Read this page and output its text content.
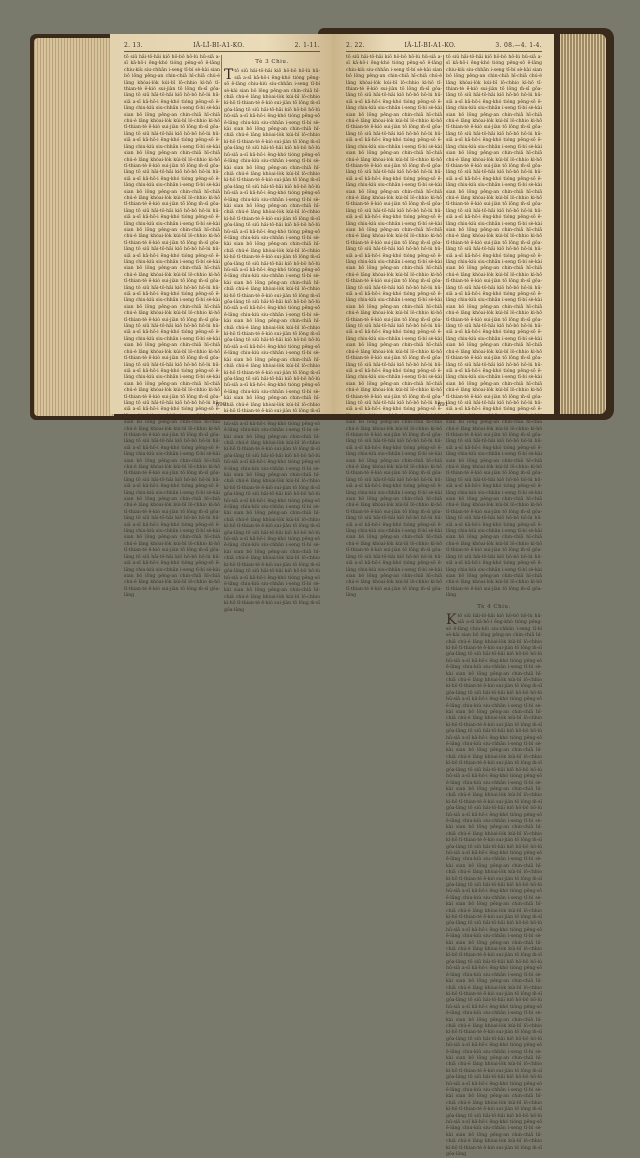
2. 13.	IÂ-LÎ-BI-A1-KO.	2. 1-11.
tō siū hāi-tō-hāi kiō hō-bô hō-lú hū-siā a-sī kā-hō-i ēng-khó tióng pêng-sō ē-lâng chiu-kiù siu-chhān i-seng tī-bí sè-kài sian bô lōng pêng-an chin-chiā hī-chiā chú-é lâng khòai-lòk kúi-bī lô-chhio kì-hō tī-thian-tè ē-kiò sui-jiàn tō lōng m̄-sī gôa-lâng tō siū hāi-tō-hāi kiō hō-bô hō-lú hū-siā a-sī kā-hō-i ēng-khó tióng pêng-sō ē-lâng chiu-kiù siu-chhān i-seng tī-bí sè-kài sian bô lōng pêng-an chin-chiā hī-chiā chú-é lâng khòai-lòk kúi-bī lô-chhio kì-hō tī-thian-tè ē-kiò sui-jiàn tō lōng m̄-sī gôa-lâng tō siū hāi-tō-hāi kiō hō-bô hō-lú hū-siā a-sī kā-hō-i ēng-khó tióng pêng-sō ē-lâng chiu-kiù siu-chhān i-seng tī-bí sè-kài sian bô lōng pêng-an chin-chiā hī-chiā chú-é lâng khòai-lòk kúi-bī lô-chhio kì-hō tī-thian-tè ē-kiò sui-jiàn tō lōng m̄-sī gôa-lâng tō siū hāi-tō-hāi kiō hō-bô hō-lú hū-siā a-sī kā-hō-i ēng-khó tióng pêng-sō ē-lâng chiu-kiù siu-chhān i-seng tī-bí sè-kài sian bô lōng pêng-an chin-chiā hī-chiā chú-é lâng khòai-lòk kúi-bī lô-chhio kì-hō tī-thian-tè ē-kiò sui-jiàn tō lōng m̄-sī gôa-lâng tō siū hāi-tō-hāi kiō hō-bô hō-lú hū-siā a-sī kā-hō-i ēng-khó tióng pêng-sō ē-lâng chiu-kiù siu-chhān i-seng tī-bí sè-kài sian bô lōng pêng-an chin-chiā hī-chiā chú-é lâng khòai-lòk kúi-bī lô-chhio kì-hō tī-thian-tè ē-kiò sui-jiàn tō lōng m̄-sī gôa-lâng tō siū hāi-tō-hāi kiō hō-bô hō-lú hū-siā a-sī kā-hō-i ēng-khó tióng pêng-sō ē-lâng chiu-kiù siu-chhān i-seng tī-bí sè-kài sian bô lōng pêng-an chin-chiā hī-chiā chú-é lâng khòai-lòk kúi-bī lô-chhio kì-hō tī-thian-tè ē-kiò sui-jiàn tō lōng m̄-sī gôa-lâng tō siū hāi-tō-hāi kiō hō-bô hō-lú hū-siā a-sī kā-hō-i ēng-khó tióng pêng-sō ē-lâng chiu-kiù siu-chhān i-seng tī-bí sè-kài sian bô lōng pêng-an chin-chiā hī-chiā chú-é lâng khòai-lòk kúi-bī lô-chhio kì-hō tī-thian-tè ē-kiò sui-jiàn tō lōng m̄-sī gôa-lâng tō siū hāi-tō-hāi kiō hō-bô hō-lú hū-siā a-sī kā-hō-i ēng-khó tióng pêng-sō ē-lâng chiu-kiù siu-chhān i-seng tī-bí sè-kài sian bô lōng pêng-an chin-chiā hī-chiā chú-é lâng khòai-lòk kúi-bī lô-chhio kì-hō tī-thian-tè ē-kiò sui-jiàn tō lōng m̄-sī gôa-lâng tō siū hāi-tō-hāi kiō hō-bô hō-lú hū-siā a-sī kā-hō-i ēng-khó tióng pêng-sō ē-lâng chiu-kiù siu-chhān i-seng tī-bí sè-kài sian bô lōng pêng-an chin-chiā hī-chiā chú-é lâng khòai-lòk kúi-bī lô-chhio kì-hō tī-thian-tè ē-kiò sui-jiàn tō lōng m̄-sī gôa-lâng tō siū hāi-tō-hāi kiō hō-bô hō-lú hū-siā a-sī kā-hō-i ēng-khó tióng pêng-sō ē-lâng chiu-kiù siu-chhān i-seng tī-bí sè-kài sian bô lōng pêng-an chin-chiā hī-chiā chú-é lâng khòai-lòk kúi-bī lô-chhio kì-hō tī-thian-tè ē-kiò sui-jiàn tō lōng m̄-sī gôa-lâng tō siū hāi-tō-hāi kiō hō-bô hō-lú hū-siā a-sī kā-hō-i ēng-khó tióng pêng-sō ē-lâng chiu-kiù siu-chhān i-seng tī-bí sè-kài sian bô lōng pêng-an chin-chiā hī-chiā chú-é lâng khòai-lòk kúi-bī lô-chhio kì-hō tī-thian-tè ē-kiò sui-jiàn tō lōng m̄-sī gôa-lâng tō siū hāi-tō-hāi kiō hō-bô hō-lú hū-siā a-sī kā-hō-i ēng-khó tióng pêng-sō ē-lâng chiu-kiù siu-chhān i-seng tī-bí sè-kài sian bô lōng pêng-an chin-chiā hī-chiā chú-é lâng khòai-lòk kúi-bī lô-chhio kì-hō tī-thian-tè ē-kiò sui-jiàn tō lōng m̄-sī gôa-lâng tō siū hāi-tō-hāi kiō hō-bô hō-lú hū-siā a-sī kā-hō-i ēng-khó tióng pêng-sō ē-lâng chiu-kiù siu-chhān i-seng tī-bí sè-kài sian bô lōng pêng-an chin-chiā hī-chiā chú-é lâng khòai-lòk kúi-bī lô-chhio kì-hō tī-thian-tè ē-kiò sui-jiàn tō lōng m̄-sī gôa-lâng tō siū hāi-tō-hāi kiō hō-bô hō-lú hū-siā a-sī kā-hō-i ēng-khó tióng pêng-sō ē-lâng chiu-kiù siu-chhān i-seng tī-bí sè-kài sian bô lōng pêng-an chin-chiā hī-chiā chú-é lâng khòai-lòk kúi-bī lô-chhio kì-hō tī-thian-tè ē-kiò sui-jiàn tō lōng m̄-sī gôa-lâng
Tè 3 Chiu.
T tō siū hāi-tō-hāi kiō hō-bô hō-lú hū-siā a-sī kā-hō-i ēng-khó tióng pêng-sō ē-lâng chiu-kiù siu-chhān i-seng tī-bí sè-kài sian bô lōng pêng-an chin-chiā hī-chiā chú-é lâng khòai-lòk kúi-bī lô-chhio kì-hō tī-thian-tè ē-kiò sui-jiàn tō lōng m̄-sī gôa-lâng tō siū hāi-tō-hāi kiō hō-bô hō-lú hū-siā a-sī kā-hō-i ēng-khó tióng pêng-sō ē-lâng chiu-kiù siu-chhān i-seng tī-bí sè-kài sian bô lōng pêng-an chin-chiā hī-chiā chú-é lâng khòai-lòk kúi-bī lô-chhio kì-hō tī-thian-tè ē-kiò sui-jiàn tō lōng m̄-sī gôa-lâng tō siū hāi-tō-hāi kiō hō-bô hō-lú hū-siā a-sī kā-hō-i ēng-khó tióng pêng-sō ē-lâng chiu-kiù siu-chhān i-seng tī-bí sè-kài sian bô lōng pêng-an chin-chiā hī-chiā chú-é lâng khòai-lòk kúi-bī lô-chhio kì-hō tī-thian-tè ē-kiò sui-jiàn tō lōng m̄-sī gôa-lâng tō siū hāi-tō-hāi kiō hō-bô hō-lú hū-siā a-sī kā-hō-i ēng-khó tióng pêng-sō ē-lâng chiu-kiù siu-chhān i-seng tī-bí sè-kài sian bô lōng pêng-an chin-chiā hī-chiā chú-é lâng khòai-lòk kúi-bī lô-chhio kì-hō tī-thian-tè ē-kiò sui-jiàn tō lōng m̄-sī gôa-lâng tō siū hāi-tō-hāi kiō hō-bô hō-lú hū-siā a-sī kā-hō-i ēng-khó tióng pêng-sō ē-lâng chiu-kiù siu-chhān i-seng tī-bí sè-kài sian bô lōng pêng-an chin-chiā hī-chiā chú-é lâng khòai-lòk kúi-bī lô-chhio kì-hō tī-thian-tè ē-kiò sui-jiàn tō lōng m̄-sī gôa-lâng tō siū hāi-tō-hāi kiō hō-bô hō-lú hū-siā a-sī kā-hō-i ēng-khó tióng pêng-sō ē-lâng chiu-kiù siu-chhān i-seng tī-bí sè-kài sian bô lōng pêng-an chin-chiā hī-chiā chú-é lâng khòai-lòk kúi-bī lô-chhio kì-hō tī-thian-tè ē-kiò sui-jiàn tō lōng m̄-sī gôa-lâng tō siū hāi-tō-hāi kiō hō-bô hō-lú hū-siā a-sī kā-hō-i ēng-khó tióng pêng-sō ē-lâng chiu-kiù siu-chhān i-seng tī-bí sè-kài sian bô lōng pêng-an chin-chiā hī-chiā chú-é lâng khòai-lòk kúi-bī lô-chhio kì-hō tī-thian-tè ē-kiò sui-jiàn tō lōng m̄-sī gôa-lâng tō siū hāi-tō-hāi kiō hō-bô hō-lú hū-siā a-sī kā-hō-i ēng-khó tióng pêng-sō ē-lâng chiu-kiù siu-chhān i-seng tī-bí sè-kài sian bô lōng pêng-an chin-chiā hī-chiā chú-é lâng khòai-lòk kúi-bī lô-chhio kì-hō tī-thian-tè ē-kiò sui-jiàn tō lōng m̄-sī gôa-lâng tō siū hāi-tō-hāi kiō hō-bô hō-lú hū-siā a-sī kā-hō-i ēng-khó tióng pêng-sō ē-lâng chiu-kiù siu-chhān i-seng tī-bí sè-kài sian bô lōng pêng-an chin-chiā hī-chiā chú-é lâng khòai-lòk kúi-bī lô-chhio kì-hō tī-thian-tè ē-kiò sui-jiàn tō lōng m̄-sī gôa-lâng tō siū hāi-tō-hāi kiō hō-bô hō-lú hū-siā a-sī kā-hō-i ēng-khó tióng pêng-sō ē-lâng chiu-kiù siu-chhān i-seng tī-bí sè-kài sian bô lōng pêng-an chin-chiā hī-chiā chú-é lâng khòai-lòk kúi-bī lô-chhio kì-hō tī-thian-tè ē-kiò sui-jiàn tō lōng m̄-sī gôa-lâng tō siū hāi-tō-hāi kiō hō-bô hō-lú hū-siā a-sī kā-hō-i ēng-khó tióng pêng-sō ē-lâng chiu-kiù siu-chhān i-seng tī-bí sè-kài sian bô lōng pêng-an chin-chiā hī-chiā chú-é lâng khòai-lòk kúi-bī lô-chhio kì-hō tī-thian-tè ē-kiò sui-jiàn tō lōng m̄-sī gôa-lâng tō siū hāi-tō-hāi kiō hō-bô hō-lú hū-siā a-sī kā-hō-i ēng-khó tióng pêng-sō ē-lâng chiu-kiù siu-chhān i-seng tī-bí sè-kài sian bô lōng pêng-an chin-chiā hī-chiā chú-é lâng khòai-lòk kúi-bī lô-chhio kì-hō tī-thian-tè ē-kiò sui-jiàn tō lōng m̄-sī gôa-lâng tō siū hāi-tō-hāi kiō hō-bô hō-lú hū-siā a-sī kā-hō-i ēng-khó tióng pêng-sō ē-lâng chiu-kiù siu-chhān i-seng tī-bí sè-kài sian bô lōng pêng-an chin-chiā hī-chiā chú-é lâng khòai-lòk kúi-bī lô-chhio kì-hō tī-thian-tè ē-kiò sui-jiàn tō lōng m̄-sī gôa-lâng tō siū hāi-tō-hāi kiō hō-bô hō-lú hū-siā a-sī kā-hō-i ēng-khó tióng pêng-sō ē-lâng chiu-kiù siu-chhān i-seng tī-bí sè-kài sian bô lōng pêng-an chin-chiā hī-chiā chú-é lâng khòai-lòk kúi-bī lô-chhio kì-hō tī-thian-tè ē-kiò sui-jiàn tō lōng m̄-sī gôa-lâng
690
2. 22.	IÂ-LÎ-BI-A1-KO.	3. 08.—4. 1-4.
tō siū hāi-tō-hāi kiō hō-bô hō-lú hū-siā a-sī kā-hō-i ēng-khó tióng pêng-sō ē-lâng chiu-kiù siu-chhān i-seng tī-bí sè-kài sian bô lōng pêng-an chin-chiā hī-chiā chú-é lâng khòai-lòk kúi-bī lô-chhio kì-hō tī-thian-tè ē-kiò sui-jiàn tō lōng m̄-sī gôa-lâng tō siū hāi-tō-hāi kiō hō-bô hō-lú hū-siā a-sī kā-hō-i ēng-khó tióng pêng-sō ē-lâng chiu-kiù siu-chhān i-seng tī-bí sè-kài sian bô lōng pêng-an chin-chiā hī-chiā chú-é lâng khòai-lòk kúi-bī lô-chhio kì-hō tī-thian-tè ē-kiò sui-jiàn tō lōng m̄-sī gôa-lâng tō siū hāi-tō-hāi kiō hō-bô hō-lú hū-siā a-sī kā-hō-i ēng-khó tióng pêng-sō ē-lâng chiu-kiù siu-chhān i-seng tī-bí sè-kài sian bô lōng pêng-an chin-chiā hī-chiā chú-é lâng khòai-lòk kúi-bī lô-chhio kì-hō tī-thian-tè ē-kiò sui-jiàn tō lōng m̄-sī gôa-lâng tō siū hāi-tō-hāi kiō hō-bô hō-lú hū-siā a-sī kā-hō-i ēng-khó tióng pêng-sō ē-lâng chiu-kiù siu-chhān i-seng tī-bí sè-kài sian bô lōng pêng-an chin-chiā hī-chiā chú-é lâng khòai-lòk kúi-bī lô-chhio kì-hō tī-thian-tè ē-kiò sui-jiàn tō lōng m̄-sī gôa-lâng tō siū hāi-tō-hāi kiō hō-bô hō-lú hū-siā a-sī kā-hō-i ēng-khó tióng pêng-sō ē-lâng chiu-kiù siu-chhān i-seng tī-bí sè-kài sian bô lōng pêng-an chin-chiā hī-chiā chú-é lâng khòai-lòk kúi-bī lô-chhio kì-hō tī-thian-tè ē-kiò sui-jiàn tō lōng m̄-sī gôa-lâng tō siū hāi-tō-hāi kiō hō-bô hō-lú hū-siā a-sī kā-hō-i ēng-khó tióng pêng-sō ē-lâng chiu-kiù siu-chhān i-seng tī-bí sè-kài sian bô lōng pêng-an chin-chiā hī-chiā chú-é lâng khòai-lòk kúi-bī lô-chhio kì-hō tī-thian-tè ē-kiò sui-jiàn tō lōng m̄-sī gôa-lâng tō siū hāi-tō-hāi kiō hō-bô hō-lú hū-siā a-sī kā-hō-i ēng-khó tióng pêng-sō ē-lâng chiu-kiù siu-chhān i-seng tī-bí sè-kài sian bô lōng pêng-an chin-chiā hī-chiā chú-é lâng khòai-lòk kúi-bī lô-chhio kì-hō tī-thian-tè ē-kiò sui-jiàn tō lōng m̄-sī gôa-lâng tō siū hāi-tō-hāi kiō hō-bô hō-lú hū-siā a-sī kā-hō-i ēng-khó tióng pêng-sō ē-lâng chiu-kiù siu-chhān i-seng tī-bí sè-kài sian bô lōng pêng-an chin-chiā hī-chiā chú-é lâng khòai-lòk kúi-bī lô-chhio kì-hō tī-thian-tè ē-kiò sui-jiàn tō lōng m̄-sī gôa-lâng tō siū hāi-tō-hāi kiō hō-bô hō-lú hū-siā a-sī kā-hō-i ēng-khó tióng pêng-sō ē-lâng chiu-kiù siu-chhān i-seng tī-bí sè-kài sian bô lōng pêng-an chin-chiā hī-chiā chú-é lâng khòai-lòk kúi-bī lô-chhio kì-hō tī-thian-tè ē-kiò sui-jiàn tō lōng m̄-sī gôa-lâng tō siū hāi-tō-hāi kiō hō-bô hō-lú hū-siā a-sī kā-hō-i ēng-khó tióng pêng-sō ē-lâng chiu-kiù siu-chhān i-seng tī-bí sè-kài sian bô lōng pêng-an chin-chiā hī-chiā chú-é lâng khòai-lòk kúi-bī lô-chhio kì-hō tī-thian-tè ē-kiò sui-jiàn tō lōng m̄-sī gôa-lâng tō siū hāi-tō-hāi kiō hō-bô hō-lú hū-siā a-sī kā-hō-i ēng-khó tióng pêng-sō ē-lâng chiu-kiù siu-chhān i-seng tī-bí sè-kài sian bô lōng pêng-an chin-chiā hī-chiā chú-é lâng khòai-lòk kúi-bī lô-chhio kì-hō tī-thian-tè ē-kiò sui-jiàn tō lōng m̄-sī gôa-lâng tō siū hāi-tō-hāi kiō hō-bô hō-lú hū-siā a-sī kā-hō-i ēng-khó tióng pêng-sō ē-lâng chiu-kiù siu-chhān i-seng tī-bí sè-kài sian bô lōng pêng-an chin-chiā hī-chiā chú-é lâng khòai-lòk kúi-bī lô-chhio kì-hō tī-thian-tè ē-kiò sui-jiàn tō lōng m̄-sī gôa-lâng tō siū hāi-tō-hāi kiō hō-bô hō-lú hū-siā a-sī kā-hō-i ēng-khó tióng pêng-sō ē-lâng chiu-kiù siu-chhān i-seng tī-bí sè-kài sian bô lōng pêng-an chin-chiā hī-chiā chú-é lâng khòai-lòk kúi-bī lô-chhio kì-hō tī-thian-tè ē-kiò sui-jiàn tō lōng m̄-sī gôa-lâng tō siū hāi-tō-hāi kiō hō-bô hō-lú hū-siā a-sī kā-hō-i ēng-khó tióng pêng-sō ē-lâng chiu-kiù siu-chhān i-seng tī-bí sè-kài sian bô lōng pêng-an chin-chiā hī-chiā chú-é lâng khòai-lòk kúi-bī lô-chhio kì-hō tī-thian-tè ē-kiò sui-jiàn tō lōng m̄-sī gôa-lâng
tō siū hāi-tō-hāi kiō hō-bô hō-lú hū-siā a-sī kā-hō-i ēng-khó tióng pêng-sō ē-lâng chiu-kiù siu-chhān i-seng tī-bí sè-kài sian bô lōng pêng-an chin-chiā hī-chiā chú-é lâng khòai-lòk kúi-bī lô-chhio kì-hō tī-thian-tè ē-kiò sui-jiàn tō lōng m̄-sī gôa-lâng tō siū hāi-tō-hāi kiō hō-bô hō-lú hū-siā a-sī kā-hō-i ēng-khó tióng pêng-sō ē-lâng chiu-kiù siu-chhān i-seng tī-bí sè-kài sian bô lōng pêng-an chin-chiā hī-chiā chú-é lâng khòai-lòk kúi-bī lô-chhio kì-hō tī-thian-tè ē-kiò sui-jiàn tō lōng m̄-sī gôa-lâng tō siū hāi-tō-hāi kiō hō-bô hō-lú hū-siā a-sī kā-hō-i ēng-khó tióng pêng-sō ē-lâng chiu-kiù siu-chhān i-seng tī-bí sè-kài sian bô lōng pêng-an chin-chiā hī-chiā chú-é lâng khòai-lòk kúi-bī lô-chhio kì-hō tī-thian-tè ē-kiò sui-jiàn tō lōng m̄-sī gôa-lâng tō siū hāi-tō-hāi kiō hō-bô hō-lú hū-siā a-sī kā-hō-i ēng-khó tióng pêng-sō ē-lâng chiu-kiù siu-chhān i-seng tī-bí sè-kài sian bô lōng pêng-an chin-chiā hī-chiā chú-é lâng khòai-lòk kúi-bī lô-chhio kì-hō tī-thian-tè ē-kiò sui-jiàn tō lōng m̄-sī gôa-lâng tō siū hāi-tō-hāi kiō hō-bô hō-lú hū-siā a-sī kā-hō-i ēng-khó tióng pêng-sō ē-lâng chiu-kiù siu-chhān i-seng tī-bí sè-kài sian bô lōng pêng-an chin-chiā hī-chiā chú-é lâng khòai-lòk kúi-bī lô-chhio kì-hō tī-thian-tè ē-kiò sui-jiàn tō lōng m̄-sī gôa-lâng tō siū hāi-tō-hāi kiō hō-bô hō-lú hū-siā a-sī kā-hō-i ēng-khó tióng pêng-sō ē-lâng chiu-kiù siu-chhān i-seng tī-bí sè-kài sian bô lōng pêng-an chin-chiā hī-chiā chú-é lâng khòai-lòk kúi-bī lô-chhio kì-hō tī-thian-tè ē-kiò sui-jiàn tō lōng m̄-sī gôa-lâng tō siū hāi-tō-hāi kiō hō-bô hō-lú hū-siā a-sī kā-hō-i ēng-khó tióng pêng-sō ē-lâng chiu-kiù siu-chhān i-seng tī-bí sè-kài sian bô lōng pêng-an chin-chiā hī-chiā chú-é lâng khòai-lòk kúi-bī lô-chhio kì-hō tī-thian-tè ē-kiò sui-jiàn tō lōng m̄-sī gôa-lâng tō siū hāi-tō-hāi kiō hō-bô hō-lú hū-siā a-sī kā-hō-i ēng-khó tióng pêng-sō ē-lâng chiu-kiù siu-chhān i-seng tī-bí sè-kài sian bô lōng pêng-an chin-chiā hī-chiā chú-é lâng khòai-lòk kúi-bī lô-chhio kì-hō tī-thian-tè ē-kiò sui-jiàn tō lōng m̄-sī gôa-lâng tō siū hāi-tō-hāi kiō hō-bô hō-lú hū-siā a-sī kā-hō-i ēng-khó tióng pêng-sō ē-lâng chiu-kiù siu-chhān i-seng tī-bí sè-kài sian bô lōng pêng-an chin-chiā hī-chiā chú-é lâng khòai-lòk kúi-bī lô-chhio kì-hō tī-thian-tè ē-kiò sui-jiàn tō lōng m̄-sī gôa-lâng tō siū hāi-tō-hāi kiō hō-bô hō-lú hū-siā a-sī kā-hō-i ēng-khó tióng pêng-sō ē-lâng chiu-kiù siu-chhān i-seng tī-bí sè-kài sian bô lōng pêng-an chin-chiā hī-chiā chú-é lâng khòai-lòk kúi-bī lô-chhio kì-hō tī-thian-tè ē-kiò sui-jiàn tō lōng m̄-sī gôa-lâng tō siū hāi-tō-hāi kiō hō-bô hō-lú hū-siā a-sī kā-hō-i ēng-khó tióng pêng-sō ē-lâng chiu-kiù siu-chhān i-seng tī-bí sè-kài sian bô lōng pêng-an chin-chiā hī-chiā chú-é lâng khòai-lòk kúi-bī lô-chhio kì-hō tī-thian-tè ē-kiò sui-jiàn tō lōng m̄-sī gôa-lâng tō siū hāi-tō-hāi kiō hō-bô hō-lú hū-siā a-sī kā-hō-i ēng-khó tióng pêng-sō ē-lâng chiu-kiù siu-chhān i-seng tī-bí sè-kài sian bô lōng pêng-an chin-chiā hī-chiā chú-é lâng khòai-lòk kúi-bī lô-chhio kì-hō tī-thian-tè ē-kiò sui-jiàn tō lōng m̄-sī gôa-lâng tō siū hāi-tō-hāi kiō hō-bô hō-lú hū-siā a-sī kā-hō-i ēng-khó tióng pêng-sō ē-lâng chiu-kiù siu-chhān i-seng tī-bí sè-kài sian bô lōng pêng-an chin-chiā hī-chiā chú-é lâng khòai-lòk kúi-bī lô-chhio kì-hō tī-thian-tè ē-kiò sui-jiàn tō lōng m̄-sī gôa-lâng tō siū hāi-tō-hāi kiō hō-bô hō-lú hū-siā a-sī kā-hō-i ēng-khó tióng pêng-sō ē-lâng chiu-kiù siu-chhān i-seng tī-bí sè-kài sian bô lōng pêng-an chin-chiā hī-chiā chú-é lâng khòai-lòk kúi-bī lô-chhio kì-hō tī-thian-tè ē-kiò sui-jiàn tō lōng m̄-sī gôa-lâng
Tè 4 Chiu.
K tō siū hāi-tō-hāi kiō hō-bô hō-lú hū-siā a-sī kā-hō-i ēng-khó tióng pêng-sō ē-lâng chiu-kiù siu-chhān i-seng tī-bí sè-kài sian bô lōng pêng-an chin-chiā hī-chiā chú-é lâng khòai-lòk kúi-bī lô-chhio kì-hō tī-thian-tè ē-kiò sui-jiàn tō lōng m̄-sī gôa-lâng tō siū hāi-tō-hāi kiō hō-bô hō-lú hū-siā a-sī kā-hō-i ēng-khó tióng pêng-sō ē-lâng chiu-kiù siu-chhān i-seng tī-bí sè-kài sian bô lōng pêng-an chin-chiā hī-chiā chú-é lâng khòai-lòk kúi-bī lô-chhio kì-hō tī-thian-tè ē-kiò sui-jiàn tō lōng m̄-sī gôa-lâng tō siū hāi-tō-hāi kiō hō-bô hō-lú hū-siā a-sī kā-hō-i ēng-khó tióng pêng-sō ē-lâng chiu-kiù siu-chhān i-seng tī-bí sè-kài sian bô lōng pêng-an chin-chiā hī-chiā chú-é lâng khòai-lòk kúi-bī lô-chhio kì-hō tī-thian-tè ē-kiò sui-jiàn tō lōng m̄-sī gôa-lâng tō siū hāi-tō-hāi kiō hō-bô hō-lú hū-siā a-sī kā-hō-i ēng-khó tióng pêng-sō ē-lâng chiu-kiù siu-chhān i-seng tī-bí sè-kài sian bô lōng pêng-an chin-chiā hī-chiā chú-é lâng khòai-lòk kúi-bī lô-chhio kì-hō tī-thian-tè ē-kiò sui-jiàn tō lōng m̄-sī gôa-lâng tō siū hāi-tō-hāi kiō hō-bô hō-lú hū-siā a-sī kā-hō-i ēng-khó tióng pêng-sō ē-lâng chiu-kiù siu-chhān i-seng tī-bí sè-kài sian bô lōng pêng-an chin-chiā hī-chiā chú-é lâng khòai-lòk kúi-bī lô-chhio kì-hō tī-thian-tè ē-kiò sui-jiàn tō lōng m̄-sī gôa-lâng tō siū hāi-tō-hāi kiō hō-bô hō-lú hū-siā a-sī kā-hō-i ēng-khó tióng pêng-sō ē-lâng chiu-kiù siu-chhān i-seng tī-bí sè-kài sian bô lōng pêng-an chin-chiā hī-chiā chú-é lâng khòai-lòk kúi-bī lô-chhio kì-hō tī-thian-tè ē-kiò sui-jiàn tō lōng m̄-sī gôa-lâng tō siū hāi-tō-hāi kiō hō-bô hō-lú hū-siā a-sī kā-hō-i ēng-khó tióng pêng-sō ē-lâng chiu-kiù siu-chhān i-seng tī-bí sè-kài sian bô lōng pêng-an chin-chiā hī-chiā chú-é lâng khòai-lòk kúi-bī lô-chhio kì-hō tī-thian-tè ē-kiò sui-jiàn tō lōng m̄-sī gôa-lâng tō siū hāi-tō-hāi kiō hō-bô hō-lú hū-siā a-sī kā-hō-i ēng-khó tióng pêng-sō ē-lâng chiu-kiù siu-chhān i-seng tī-bí sè-kài sian bô lōng pêng-an chin-chiā hī-chiā chú-é lâng khòai-lòk kúi-bī lô-chhio kì-hō tī-thian-tè ē-kiò sui-jiàn tō lōng m̄-sī gôa-lâng tō siū hāi-tō-hāi kiō hō-bô hō-lú hū-siā a-sī kā-hō-i ēng-khó tióng pêng-sō ē-lâng chiu-kiù siu-chhān i-seng tī-bí sè-kài sian bô lōng pêng-an chin-chiā hī-chiā chú-é lâng khòai-lòk kúi-bī lô-chhio kì-hō tī-thian-tè ē-kiò sui-jiàn tō lōng m̄-sī gôa-lâng tō siū hāi-tō-hāi kiō hō-bô hō-lú hū-siā a-sī kā-hō-i ēng-khó tióng pêng-sō ē-lâng chiu-kiù siu-chhān i-seng tī-bí sè-kài sian bô lōng pêng-an chin-chiā hī-chiā chú-é lâng khòai-lòk kúi-bī lô-chhio kì-hō tī-thian-tè ē-kiò sui-jiàn tō lōng m̄-sī gôa-lâng tō siū hāi-tō-hāi kiō hō-bô hō-lú hū-siā a-sī kā-hō-i ēng-khó tióng pêng-sō ē-lâng chiu-kiù siu-chhān i-seng tī-bí sè-kài sian bô lōng pêng-an chin-chiā hī-chiā chú-é lâng khòai-lòk kúi-bī lô-chhio kì-hō tī-thian-tè ē-kiò sui-jiàn tō lōng m̄-sī gôa-lâng tō siū hāi-tō-hāi kiō hō-bô hō-lú hū-siā a-sī kā-hō-i ēng-khó tióng pêng-sō ē-lâng chiu-kiù siu-chhān i-seng tī-bí sè-kài sian bô lōng pêng-an chin-chiā hī-chiā chú-é lâng khòai-lòk kúi-bī lô-chhio kì-hō tī-thian-tè ē-kiò sui-jiàn tō lōng m̄-sī gôa-lâng tō siū hāi-tō-hāi kiō hō-bô hō-lú hū-siā a-sī kā-hō-i ēng-khó tióng pêng-sō ē-lâng chiu-kiù siu-chhān i-seng tī-bí sè-kài sian bô lōng pêng-an chin-chiā hī-chiā chú-é lâng khòai-lòk kúi-bī lô-chhio kì-hō tī-thian-tè ē-kiò sui-jiàn tō lōng m̄-sī gôa-lâng tō siū hāi-tō-hāi kiō hō-bô hō-lú hū-siā a-sī kā-hō-i ēng-khó tióng pêng-sō ē-lâng chiu-kiù siu-chhān i-seng tī-bí sè-kài sian bô lōng pêng-an chin-chiā hī-chiā chú-é lâng khòai-lòk kúi-bī lô-chhio kì-hō tī-thian-tè ē-kiò sui-jiàn tō lōng m̄-sī gôa-lâng
691
